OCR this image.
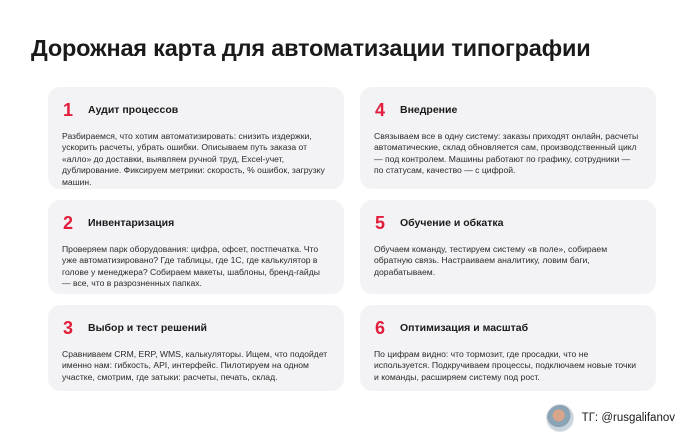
Дорожная карта для автоматизации типографии
1	Аудит процессов

Разбираемся, что хотим автоматизировать: снизить издержки, ускорить расчеты, убрать ошибки. Описываем путь заказа от «алло» до доставки, выявляем ручной труд, Excel-учет, дублирование. Фиксируем метрики: скорость, % ошибок, загрузку машин.

2	Инвентаризация

Проверяем парк оборудования: цифра, офсет, постпечатка. Что уже автоматизировано? Где таблицы, где 1С, где калькулятор в голове у менеджера? Собираем макеты, шаблоны, бренд-гайды — все, что в разрозненных папках.

3	Выбор и тест решений

Сравниваем CRM, ERP, WMS, калькуляторы. Ищем, что подойдет именно нам: гибкость, API, интерфейс. Пилотируем на одном участке, смотрим, где затыки: расчеты, печать, склад.

4	Внедрение

Связываем все в одну систему: заказы приходят онлайн, расчеты автоматические, склад обновляется сам, производственный цикл — под контролем. Машины работают по графику, сотрудники — по статусам, качество — с цифрой.

5	Обучение и обкатка

Обучаем команду, тестируем систему «в поле», собираем обратную связь. Настраиваем аналитику, ловим баги, дорабатываем.

6	Оптимизация и масштаб

По цифрам видно: что тормозит, где просадки, что не используется. Подкручиваем процессы, подключаем новые точки и команды, расширяем систему под рост.

ТГ: @rusgalifanov
